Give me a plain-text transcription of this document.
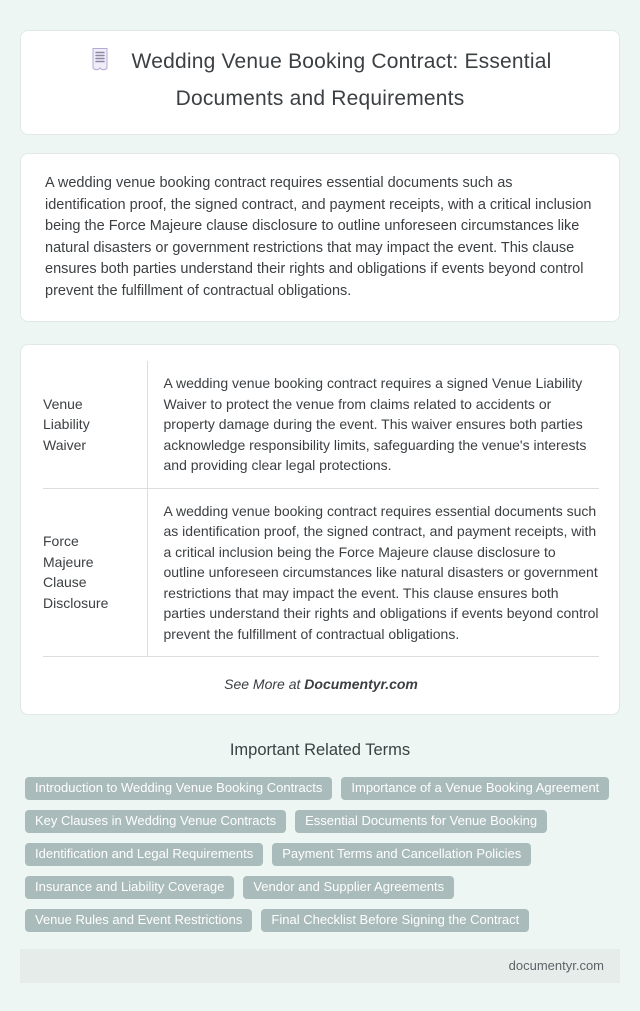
Wedding Venue Booking Contract: Essential Documents and Requirements

A wedding venue booking contract requires essential documents such as identification proof, the signed contract, and payment receipts, with a critical inclusion being the Force Majeure clause disclosure to outline unforeseen circumstances like natural disasters or government restrictions that may impact the event. This clause ensures both parties understand their rights and obligations if events beyond control prevent the fulfillment of contractual obligations.

Venue Liability Waiver	A wedding venue booking contract requires a signed Venue Liability Waiver to protect the venue from claims related to accidents or property damage during the event. This waiver ensures both parties acknowledge responsibility limits, safeguarding the venue's interests and providing clear legal protections.
Force Majeure Clause Disclosure	A wedding venue booking contract requires essential documents such as identification proof, the signed contract, and payment receipts, with a critical inclusion being the Force Majeure clause disclosure to outline unforeseen circumstances like natural disasters or government restrictions that may impact the event. This clause ensures both parties understand their rights and obligations if events beyond control prevent the fulfillment of contractual obligations.

See More at Documentyr.com

Important Related Terms
Introduction to Wedding Venue Booking Contracts	Importance of a Venue Booking Agreement
Key Clauses in Wedding Venue Contracts	Essential Documents for Venue Booking
Identification and Legal Requirements	Payment Terms and Cancellation Policies
Insurance and Liability Coverage	Vendor and Supplier Agreements
Venue Rules and Event Restrictions	Final Checklist Before Signing the Contract
documentyr.com
